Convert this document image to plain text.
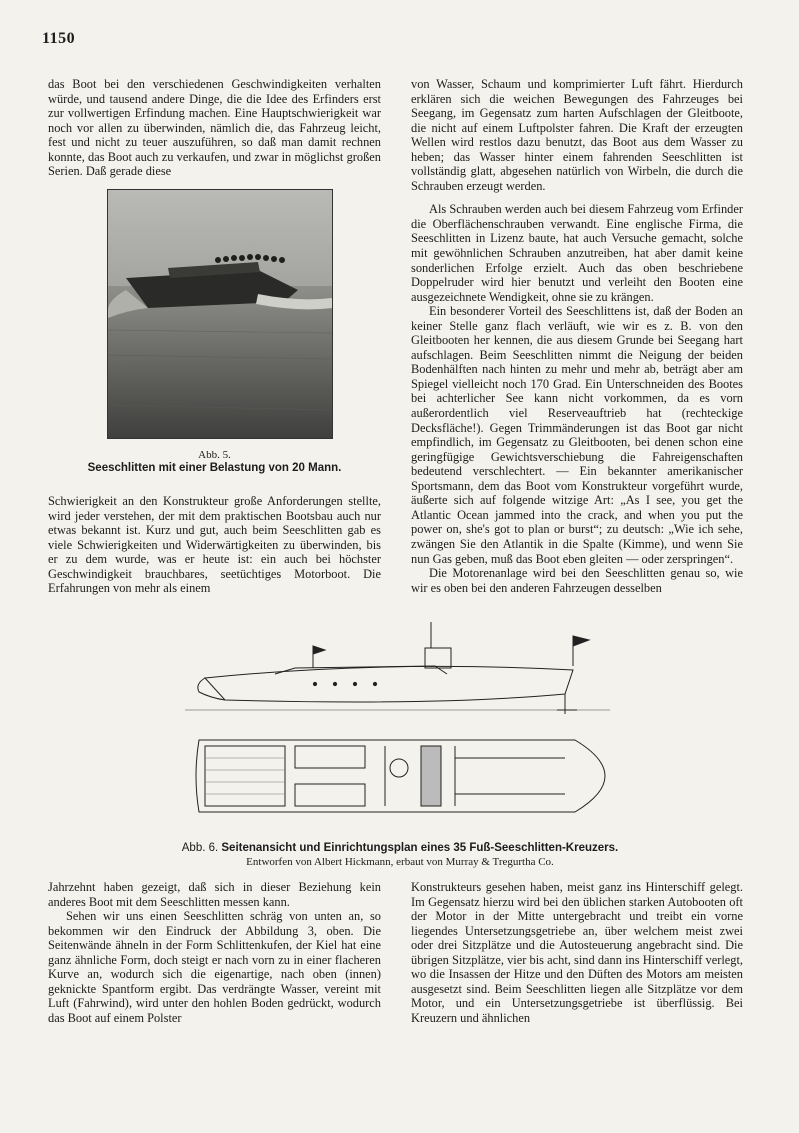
1150

das Boot bei den verschiedenen Geschwindigkeiten verhalten würde, und tausend andere Dinge, die die Idee des Erfinders erst zur vollwertigen Erfindung machen. Eine Hauptschwierigkeit war noch vor allen zu überwinden, nämlich die, das Fahrzeug leicht, fest und nicht zu teuer auszuführen, so daß man damit rechnen konnte, das Boot auch zu verkaufen, und zwar in möglichst großen Serien. Daß gerade diese

Abb. 5.
Seeschlitten mit einer Belastung von 20 Mann.

Schwierigkeit an den Konstrukteur große Anforderungen stellte, wird jeder verstehen, der mit dem praktischen Bootsbau auch nur etwas bekannt ist. Kurz und gut, auch beim Seeschlitten gab es viele Schwierigkeiten und Widerwärtigkeiten zu überwinden, bis er zu dem wurde, was er heute ist: ein auch bei höchster Geschwindigkeit brauchbares, seetüchtiges Motorboot. Die Erfahrungen von mehr als einem

von Wasser, Schaum und komprimierter Luft fährt. Hierdurch erklären sich die weichen Bewegungen des Fahrzeuges bei Seegang, im Gegensatz zum harten Aufschlagen der Gleitboote, die nicht auf einem Luftpolster fahren. Die Kraft der erzeugten Wellen wird restlos dazu benutzt, das Boot aus dem Wasser zu heben; das Wasser hinter einem fahrenden Seeschlitten ist vollständig glatt, abgesehen natürlich von Wirbeln, die durch die Schrauben erzeugt werden.

Als Schrauben werden auch bei diesem Fahrzeug vom Erfinder die Oberflächenschrauben verwandt. Eine englische Firma, die Seeschlitten in Lizenz baute, hat auch Versuche gemacht, solche mit gewöhnlichen Schrauben anzutreiben, hat aber damit keine sonderlichen Erfolge erzielt. Auch das oben beschriebene Doppelruder wird hier benutzt und verleiht den Booten eine ausgezeichnete Wendigkeit, ohne sie zu krängen.

Ein besonderer Vorteil des Seeschlittens ist, daß der Boden an keiner Stelle ganz flach verläuft, wie wir es z. B. von den Gleitbooten her kennen, die aus diesem Grunde bei Seegang hart aufschlagen. Beim Seeschlitten nimmt die Neigung der beiden Bodenhälften nach hinten zu mehr und mehr ab, beträgt aber am Spiegel vielleicht noch 170 Grad. Ein Unterschneiden des Bootes bei achterlicher See kann nicht vorkommen, da es vorn außerordentlich viel Reserveauftrieb hat (rechteckige Decksfläche!). Gegen Trimmänderungen ist das Boot gar nicht empfindlich, im Gegensatz zu Gleitbooten, bei denen schon eine geringfügige Gewichtsverschiebung die Fahreigenschaften bedeutend verschlechtert. — Ein bekannter amerikanischer Sportsmann, dem das Boot vom Konstrukteur vorgeführt wurde, äußerte sich auf folgende witzige Art: „As I see, you get the Atlantic Ocean jammed into the crack, and when you put the power on, she's got to plan or burst“; zu deutsch: „Wie ich sehe, zwängen Sie den Atlantik in die Spalte (Kimme), und wenn Sie nun Gas geben, muß das Boot eben gleiten — oder zerspringen“.

Die Motorenanlage wird bei den Seeschlitten genau so, wie wir es oben bei den anderen Fahrzeugen desselben

Abb. 6. Seitenansicht und Einrichtungsplan eines 35 Fuß-Seeschlitten-Kreuzers.
Entworfen von Albert Hickmann, erbaut von Murray & Tregurtha Co.

Jahrzehnt haben gezeigt, daß sich in dieser Beziehung kein anderes Boot mit dem Seeschlitten messen kann.

Sehen wir uns einen Seeschlitten schräg von unten an, so bekommen wir den Eindruck der Abbildung 3, oben. Die Seitenwände ähneln in der Form Schlittenkufen, der Kiel hat eine ganz ähnliche Form, doch steigt er nach vorn zu in einer flacheren Kurve an, wodurch sich die eigenartige, nach oben (innen) geknickte Spantform ergibt. Das verdrängte Wasser, vereint mit Luft (Fahrwind), wird unter den hohlen Boden gedrückt, wodurch das Boot auf einem Polster

Konstrukteurs gesehen haben, meist ganz ins Hinterschiff gelegt. Im Gegensatz hierzu wird bei den üblichen starken Autobooten oft der Motor in der Mitte untergebracht und treibt ein vorne liegendes Untersetzungsgetriebe an, über welchem meist zwei oder drei Sitzplätze und die Autosteuerung angebracht sind. Die übrigen Sitzplätze, vier bis acht, sind dann ins Hinterschiff verlegt, wo die Insassen der Hitze und den Düften des Motors am meisten ausgesetzt sind. Beim Seeschlitten liegen alle Sitzplätze vor dem Motor, und ein Untersetzungsgetriebe ist überflüssig. Bei Kreuzern und ähnlichen
